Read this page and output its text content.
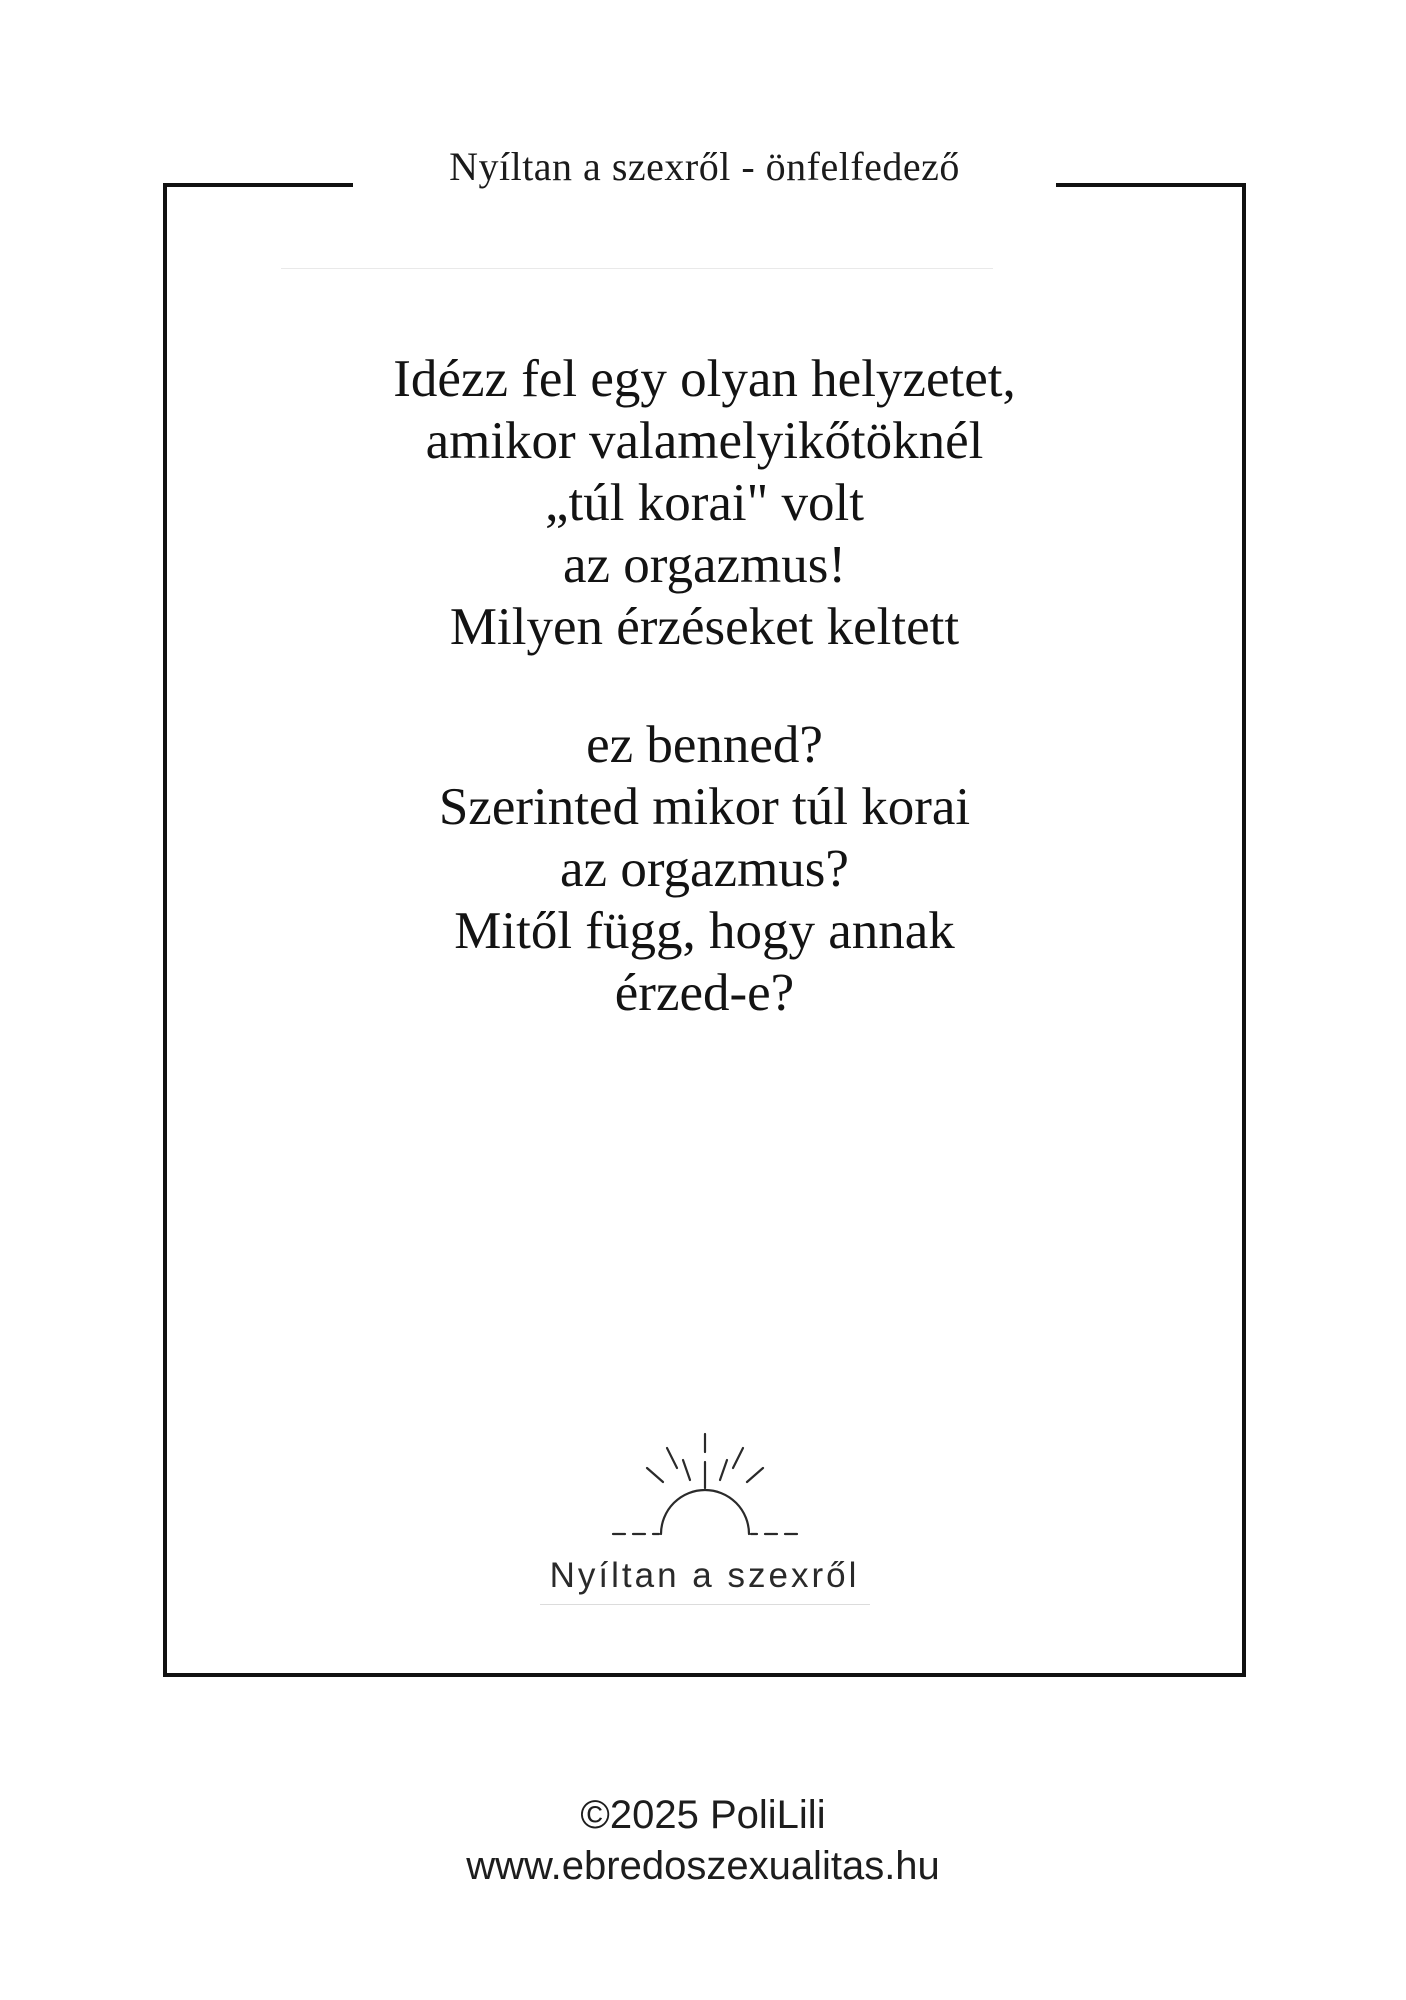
Nyíltan a szexről - önfelfedező

Idézz fel egy olyan helyzetet,

amikor valamelyikőtöknél

„túl korai" volt

az orgazmus!

Milyen érzéseket keltett

ez benned?

Szerinted mikor túl korai

az orgazmus?

Mitől függ, hogy annak

érzed-e?

Nyíltan a szexről
©2025 PoliLili
www.ebredoszexualitas.hu
